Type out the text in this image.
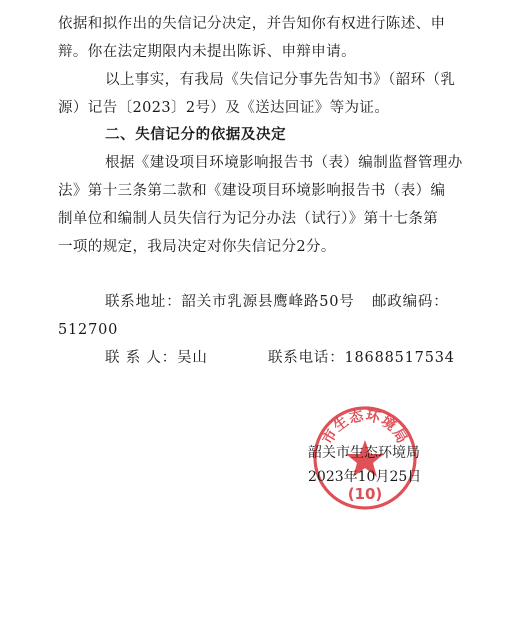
依据和拟作出的失信记分决定，并告知你有权进行陈述、申
辩。你在法定期限内未提出陈诉、申辩申请。
以上事实，有我局《失信记分事先告知书》（韶环（乳
源）记告〔2023〕2号）及《送达回证》等为证。
二、失信记分的依据及决定
根据《建设项目环境影响报告书（表）编制监督管理办
法》第十三条第二款和《建设项目环境影响报告书（表）编
制单位和编制人员失信行为记分办法（试行）》第十七条第
一项的规定，我局决定对你失信记分2分。
联系地址：韶关市乳源县鹰峰路50号 邮政编码：
512700
联 系 人：吴山	联系电话：18688517534
市生态环境局
(10)
韶关市生态环境局
2023年10月25日
